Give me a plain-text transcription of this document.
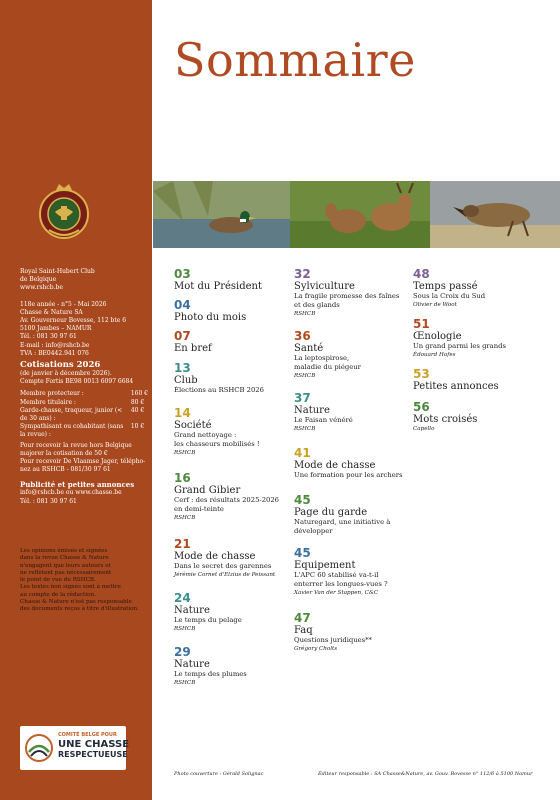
Royal Saint-Hubert Club
de Belgique
www.rshcb.be
118e année - n°5 - Mai 2026
Chasse & Nature SA
Av. Gouverneur Bovesse, 112 bte 6
5100 Jambes – NAMUR
Tél. : 081 30 97 61
E-mail : info@rshcb.be
TVA : BE0442.941 076
Cotisations 2026
(de janvier à décembre 2026).
Compte Fortis BE98 0013 6097 6684
Membre protecteur :	160 €
Membre titulaire :	80 €
Garde-chasse, traqueur, junior (< de 30 ans) :
40 €
Sympathisant ou cohabitant (sans la revue) :
10 €
Pour recevoir la revue hors Belgique
majorer la cotisation de 50 €
Pour recevoir De Vlaamse Jager, télépho-
nez au RSHCB - 081/30 97 61
Publicité et petites annonces
info@rshcb.be ou www.chasse.be
Tél. : 081 30 97 61
Les opinions émises et signées
dans la revue Chasse & Nature
n'engagent que leurs auteurs et
ne reflètent pas nécessairement
le point de vue du RSHCB.
Les textes non signés sont à mettre
au compte de la rédaction.
Chasse & Nature n'est pas responsable
des documents reçus à titre d'illustration.
COMITÉ BELGE POUR
UNE CHASSE
RESPECTUEUSE
Sommaire
03
Mot du Président
04
Photo du mois
07
En bref
13
Club
Élections au RSHCB 2026
14
Société
Grand nettoyage :
les chasseurs mobilisés !
RSHCB
16
Grand Gibier
Cerf : des résultats 2025-2026
en demi-teinte
RSHCB
21
Mode de chasse
Dans le secret des garennes
Jérémie Cornet d'Elzius de Peissant
24
Nature
Le temps du pelage
RSHCB
29
Nature
Le temps des plumes
RSHCB
32
Sylviculture
La fragile promesse des faînes
et des glands
RSHCB
36
Santé
La leptospirose,
maladie du piégeur
RSHCB
37
Nature
Le Faisan vénéré
RSHCB
41
Mode de chasse
Une formation pour les archers
45
Page du garde
Naturegard, une initiative à
développer
45
Equipement
L'APC 60 stabilisé va-t-il
enterrer les longues-vues ?
Xavier Van der Stappen, C&C
47
Faq
Questions juridiques**
Grégory Cholts
48
Temps passé
Sous la Croix du Sud
Olivier de Woot
51
Œnologie
Un grand parmi les grands
Édouard Hofes
53
Petites annonces
56
Mots croisés
Capello
Photo couverture : Gérald Solignac	Éditeur responsable : SA Chasse&Nature, av. Gouv. Bovesse n° 112/6 à 5100 Namur
